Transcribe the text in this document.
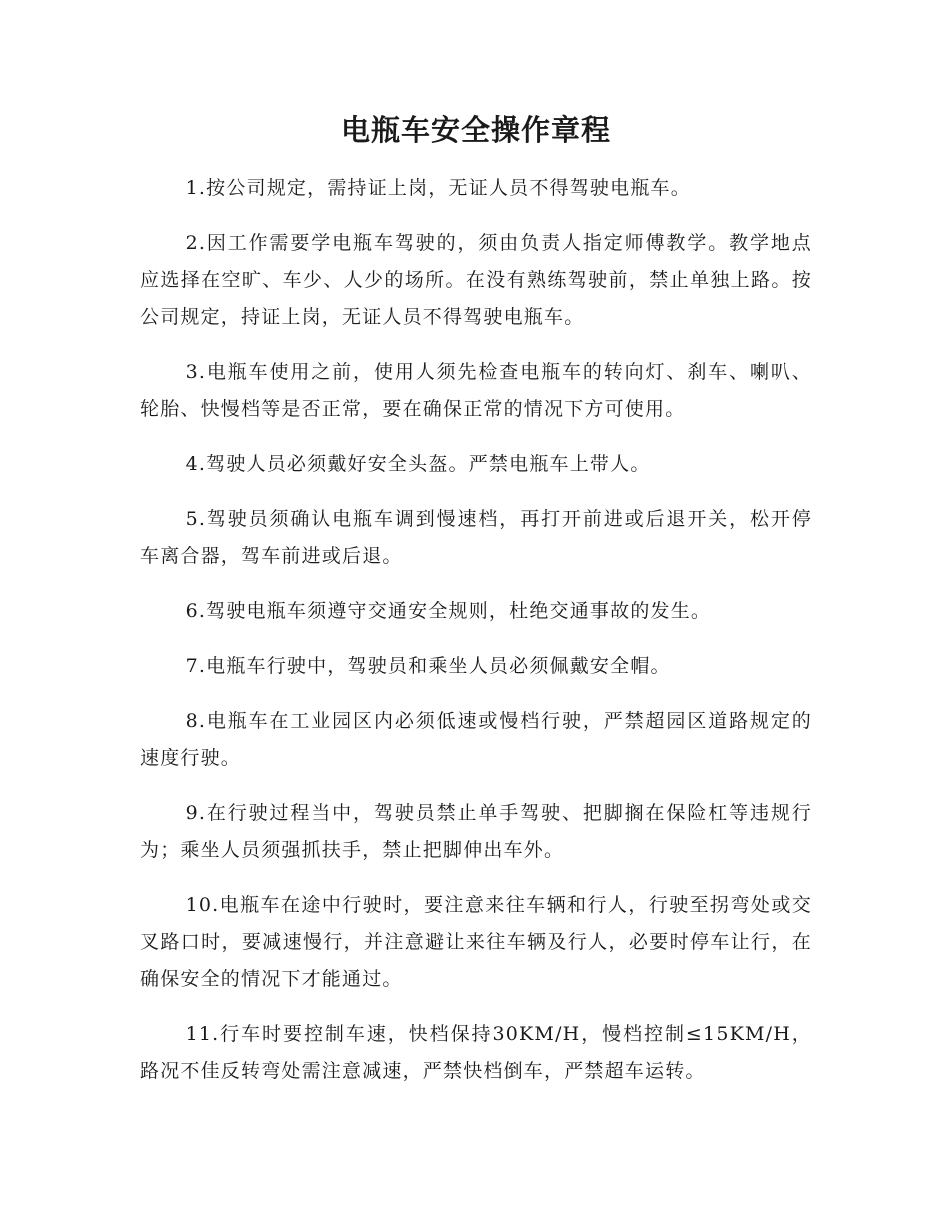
电瓶车安全操作章程

1.按公司规定，需持证上岗，无证人员不得驾驶电瓶车。

2.因工作需要学电瓶车驾驶的，须由负责人指定师傅教学。教学地点应选择在空旷、车少、人少的场所。在没有熟练驾驶前，禁止单独上路。按公司规定，持证上岗，无证人员不得驾驶电瓶车。

3.电瓶车使用之前，使用人须先检查电瓶车的转向灯、刹车、喇叭、轮胎、快慢档等是否正常，要在确保正常的情况下方可使用。

4.驾驶人员必须戴好安全头盔。严禁电瓶车上带人。

5.驾驶员须确认电瓶车调到慢速档，再打开前进或后退开关，松开停车离合器，驾车前进或后退。

6.驾驶电瓶车须遵守交通安全规则，杜绝交通事故的发生。

7.电瓶车行驶中，驾驶员和乘坐人员必须佩戴安全帽。

8.电瓶车在工业园区内必须低速或慢档行驶，严禁超园区道路规定的速度行驶。

9.在行驶过程当中，驾驶员禁止单手驾驶、把脚搁在保险杠等违规行为；乘坐人员须强抓扶手，禁止把脚伸出车外。

10.电瓶车在途中行驶时，要注意来往车辆和行人，行驶至拐弯处或交叉路口时，要减速慢行，并注意避让来往车辆及行人，必要时停车让行，在确保安全的情况下才能通过。

11.行车时要控制车速，快档保持30KM/H，慢档控制≤15KM/H，路况不佳反转弯处需注意减速，严禁快档倒车，严禁超车运转。
